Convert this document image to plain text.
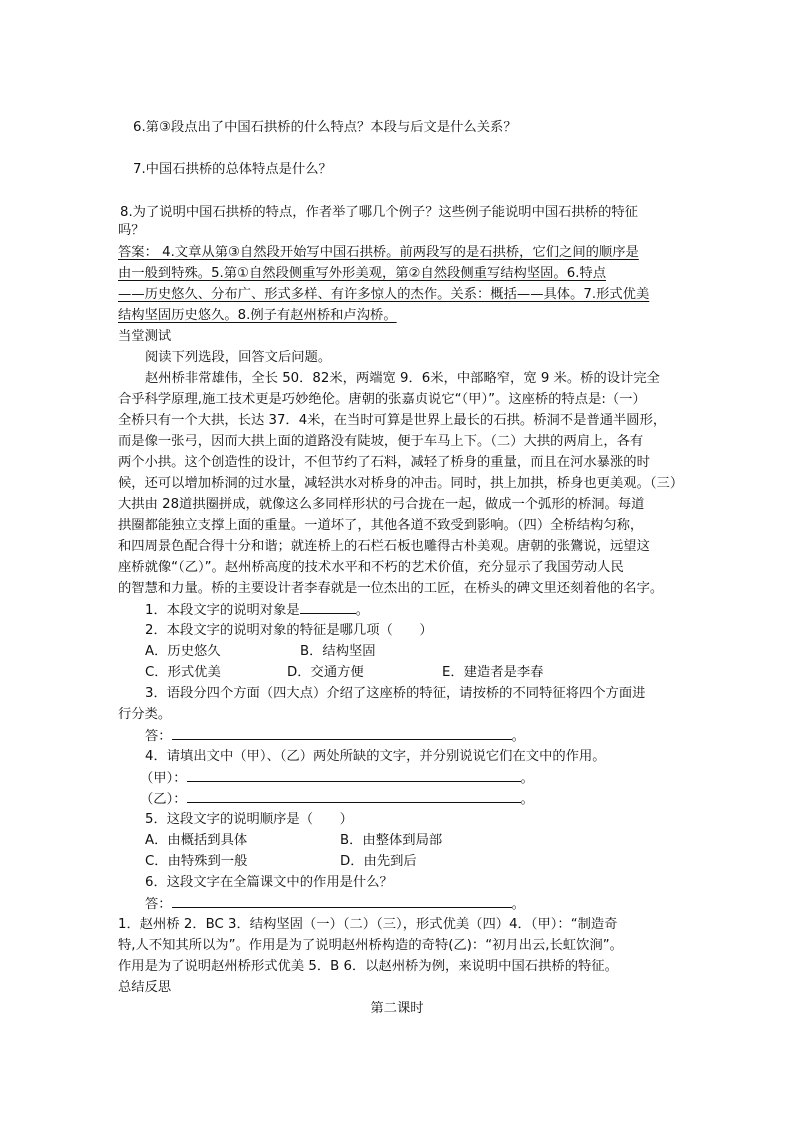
6.第③段点出了中国石拱桥的什么特点？本段与后文是什么关系？
7.中国石拱桥的总体特点是什么？
8.为了说明中国石拱桥的特点，作者举了哪几个例子？这些例子能说明中国石拱桥的特征
吗？
答案： 4.文章从第③自然段开始写中国石拱桥。前两段写的是石拱桥，它们之间的顺序是
由一般到特殊。5.第①自然段侧重写外形美观，第②自然段侧重写结构坚固。6.特点
——历史悠久、分布广、形式多样、有许多惊人的杰作。关系：概括——具体。7.形式优美
结构坚固历史悠久。8.例子有赵州桥和卢沟桥。
当堂测试
阅读下列选段，回答文后问题。
赵州桥非常雄伟，全长 50．82米，两端宽 9．6米，中部略窄，宽 9 米。桥的设计完全
合乎科学原理,施工技术更是巧妙绝伦。唐朝的张嘉贞说它“（甲）”。这座桥的特点是:（一）
全桥只有一个大拱，长达 37．4米，在当时可算是世界上最长的石拱。桥洞不是普通半圆形，
而是像一张弓，因而大拱上面的道路没有陡坡，便于车马上下。（二）大拱的两肩上，各有
两个小拱。这个创造性的设计，不但节约了石料，减轻了桥身的重量，而且在河水暴涨的时
候，还可以增加桥洞的过水量，减轻洪水对桥身的冲击。同时，拱上加拱，桥身也更美观。（三）
大拱由 28道拱圈拼成，就像这么多同样形状的弓合拢在一起，做成一个弧形的桥洞。每道
拱圈都能独立支撑上面的重量。一道坏了，其他各道不致受到影响。（四）全桥结构匀称，
和四周景色配合得十分和谐；就连桥上的石栏石板也雕得古朴美观。唐朝的张鷟说，远望这
座桥就像“（乙）”。赵州桥高度的技术水平和不朽的艺术价值，充分显示了我国劳动人民
的智慧和力量。桥的主要设计者李春就是一位杰出的工匠，在桥头的碑文里还刻着他的名字。
1．本段文字的说明对象是	。
2．本段文字的说明对象的特征是哪几项（　　）
A．历史悠久	B．结构坚固
C．形式优美	D．交通方便	E．建造者是李春
3．语段分四个方面（四大点）介绍了这座桥的特征，请按桥的不同特征将四个方面进
行分类。
答：	。
4．请填出文中（甲）、（乙）两处所缺的文字，并分别说说它们在文中的作用。
（甲）：	。
（乙）：	。
5．这段文字的说明顺序是（　　）
A．由概括到具体	B．由整体到局部
C．由特殊到一般	D．由先到后
6．这段文字在全篇课文中的作用是什么？
答：	。
1．赵州桥 2．BC 3．结构坚固（一）（二）（三），形式优美（四）4．（甲）：“制造奇
特,人不知其所以为”。作用是为了说明赵州桥构造的奇特(乙)：“初月出云,长虹饮涧”。
作用是为了说明赵州桥形式优美 5．B 6．以赵州桥为例，来说明中国石拱桥的特征。
总结反思
第二课时
